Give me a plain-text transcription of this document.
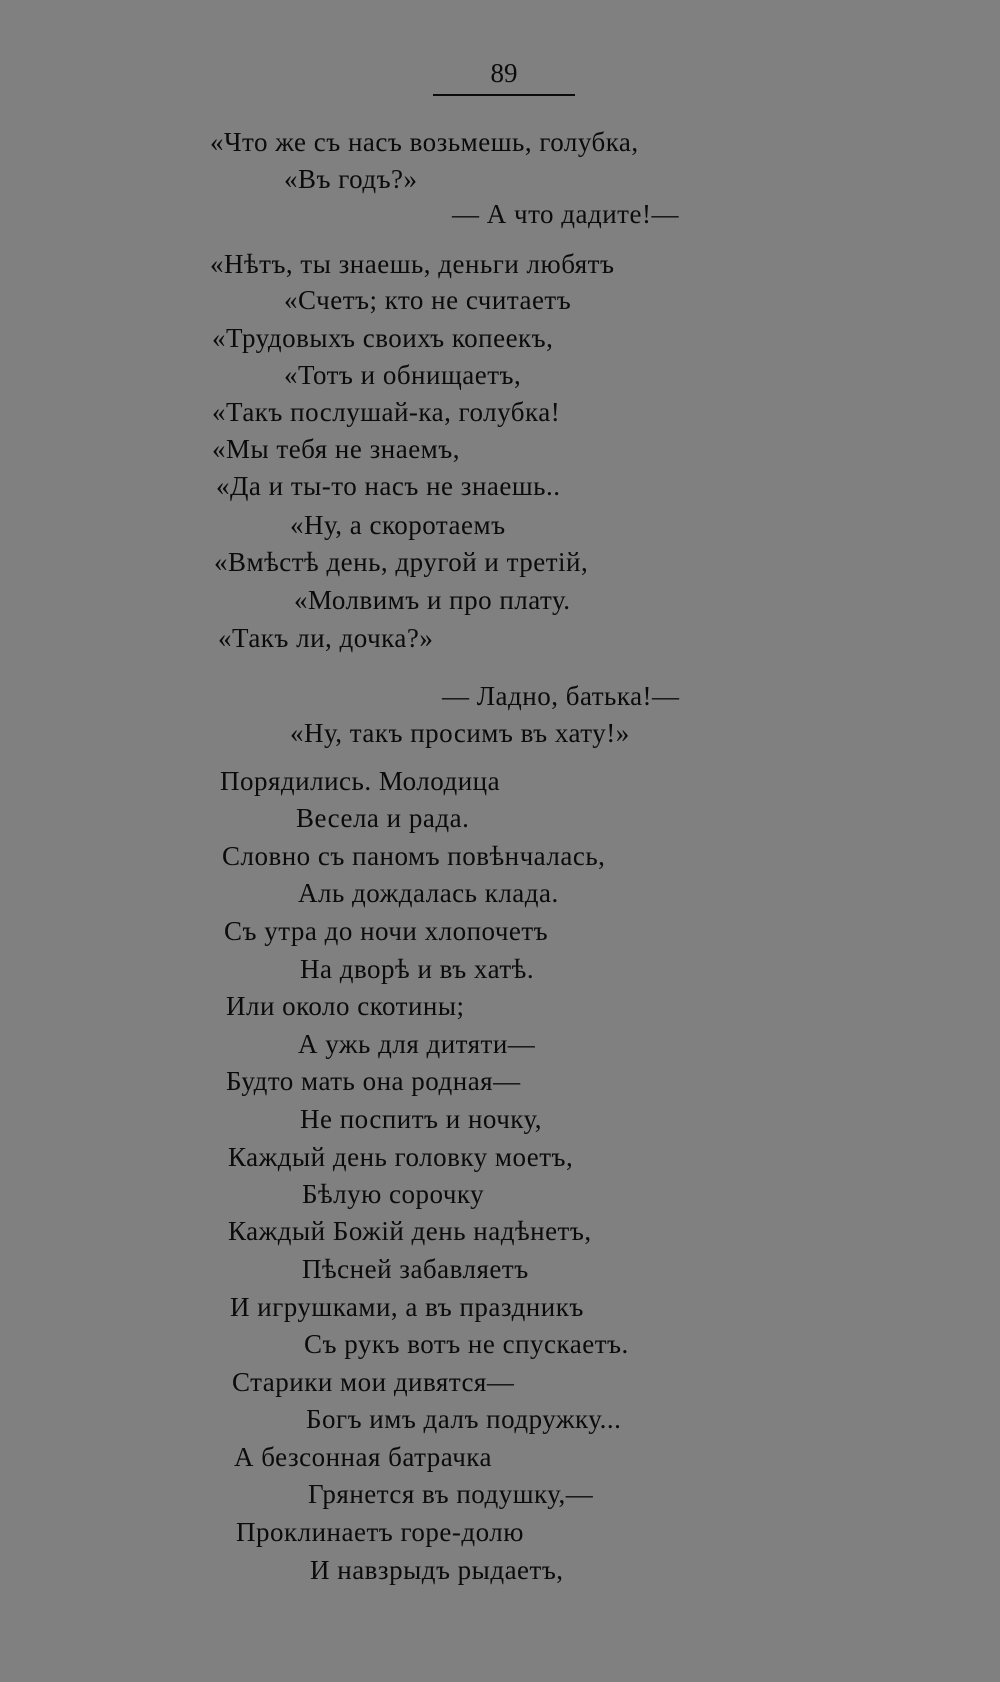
89
«Что же съ насъ возьмешь, голубка,
«Въ годъ?»
— А что дадите!—
«Нѣтъ, ты знаешь, деньги любятъ
«Счетъ; кто не считаетъ
«Трудовыхъ своихъ копеекъ,
«Тотъ и обнищаетъ,
«Такъ послушай-ка, голубка!
«Мы тебя не знаемъ,
«Да и ты-то насъ не знаешь..
«Ну, а скоротаемъ
«Вмѣстѣ день, другой и третій,
«Молвимъ и про плату.
«Такъ ли, дочка?»
— Ладно, батька!—
«Ну, такъ просимъ въ хату!»
Порядились. Молодица
Весела и рада.
Словно съ паномъ повѣнчалась,
Аль дождалась клада.
Съ утра до ночи хлопочетъ
На дворѣ и въ хатѣ.
Или около скотины;
А ужь для дитяти—
Будто мать она родная—
Не поспитъ и ночку,
Каждый день головку моетъ,
Бѣлую сорочку
Каждый Божій день надѣнетъ,
Пѣсней забавляетъ
И игрушками, а въ праздникъ
Съ рукъ вотъ не спускаетъ.
Старики мои дивятся—
Богъ имъ далъ подружку...
А безсонная батрачка
Грянется въ подушку,—
Проклинаетъ горе-долю
И навзрыдъ рыдаетъ,
